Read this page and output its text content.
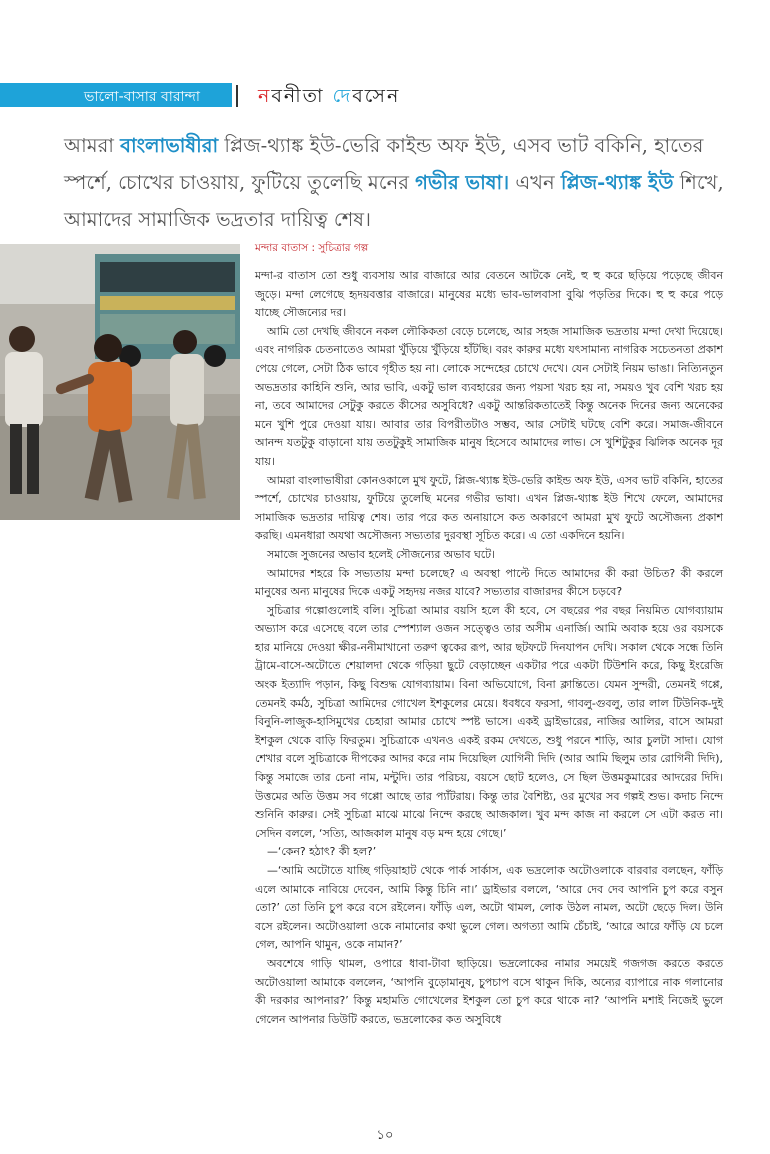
ভালো-বাসার বারান্দা	নবনীতা দেবসেন
আমরা বাংলাভাষীরা প্লিজ-থ্যাঙ্ক ইউ-ভেরি কাইন্ড অফ ইউ, এসব ভাট বকিনি, হাতের স্পর্শে, চোখের চাওয়ায়, ফুটিয়ে তুলেছি মনের গভীর ভাষা। এখন প্লিজ-থ্যাঙ্ক ইউ শিখে, আমাদের সামাজিক ভদ্রতার দায়িত্ব শেষ।
মন্দার বাতাস : সুচিত্রার গল্প

মন্দা-র বাতাস তো শুধু ব্যবসায় আর বাজারে আর বেতনে আটকে নেই, হু হু করে ছড়িয়ে পড়েছে জীবন জুড়ে। মন্দা লেগেছে হৃদয়বত্তার বাজারে। মানুষের মধ্যে ভাব-ভালবাসা বুঝি পড়তির দিকে। হু হু করে পড়ে যাচ্ছে সৌজন্যের দর।

আমি তো দেখছি জীবনে নকল লৌকিকতা বেড়ে চলেছে, আর সহজ সামাজিক ভদ্রতায় মন্দা দেখা দিয়েছে। এবং নাগরিক চেতনাতেও আমরা খুঁড়িয়ে খুঁড়িয়ে হাঁটছি। বরং কারুর মধ্যে যৎসামান্য নাগরিক সচেতনতা প্রকাশ পেয়ে গেলে, সেটা ঠিক ভাবে গৃহীত হয় না। লোকে সন্দেহের চোখে দেখে। যেন সেটাই নিয়ম ভাঙা। নিত্যিনতুন অভদ্রতার কাহিনি শুনি, আর ভাবি, একটু ভাল ব্যবহারের জন্য পয়সা খরচ হয় না, সময়ও খুব বেশি খরচ হয় না, তবে আমাদের সেটুকু করতে কীসের অসুবিধে? একটু আন্তরিকতাতেই কিন্তু অনেক দিনের জন্য অনেকের মনে খুশি পুরে দেওয়া যায়। আবার তার বিপরীতটাও সম্ভব, আর সেটাই ঘটছে বেশি করে। সমাজ-জীবনে আনন্দ যতটুকু বাড়ানো যায় ততটুকুই সামাজিক মানুষ হিসেবে আমাদের লাভ। সে খুশিটুকুর ঝিলিক অনেক দূর যায়।

আমরা বাংলাভাষীরা কোনওকালে মুখ ফুটে, প্লিজ-থ্যাঙ্ক ইউ-ভেরি কাইন্ড অফ ইউ, এসব ভাট বকিনি, হাতের স্পর্শে, চোখের চাওয়ায়, ফুটিয়ে তুলেছি মনের গভীর ভাষা। এখন প্লিজ-থ্যাঙ্ক ইউ শিখে ফেলে, আমাদের সামাজিক ভদ্রতার দায়িত্ব শেষ। তার পরে কত অনায়াসে কত অকারণে আমরা মুখ ফুটে অসৌজন্য প্রকাশ করছি। এমনধারা অযথা অসৌজন্য সভ্যতার দুরবস্থা সূচিত করে। এ তো একদিনে হয়নি।

সমাজে সুজনের অভাব হলেই সৌজন্যের অভাব ঘটে।

আমাদের শহরে কি সভ্যতায় মন্দা চলেছে? এ অবস্থা পাল্টে দিতে আমাদের কী করা উচিত? কী করলে মানুষের অন্য মানুষের দিকে একটু সহৃদয় নজর যাবে? সভ্যতার বাজারদর কীসে চড়বে?

সুচিত্রার গল্পোগুলোই বলি। সুচিত্রা আমার বয়সি হলে কী হবে, সে বছরের পর বছর নিয়মিত যোগব্যায়াম অভ্যাস করে এসেছে বলে তার স্পেশ্যাল ওজন সত্ত্বেও তার অসীম এনার্জি। আমি অবাক হয়ে ওর বয়সকে হার মানিয়ে দেওয়া ক্ষীর-ননীমাখানো তরুণ ত্বকের রূপ, আর ছটফটে দিনযাপন দেখি। সকাল থেকে সন্ধে তিনি ট্রামে-বাসে-অটোতে শেয়ালদা থেকে গড়িয়া ছুটে বেড়াচ্ছেন একটার পরে একটা টিউশনি করে, কিছু ইংরেজি অংক ইত্যাদি পড়ান, কিছু বিশুদ্ধ যোগব্যায়াম। বিনা অভিযোগে, বিনা ক্লান্তিতে। যেমন সুন্দরী, তেমনই গপ্পে, তেমনই কর্মঠ, সুচিত্রা আমিদের গোখেল ইশকুলের মেয়ে। ধবধবে ফরসা, গাবলু-গুবলু, তার লাল টিউনিক-দুই বিনুনি-লাজুক-হাসিমুখের চেহারা আমার চোখে স্পষ্ট ভাসে। একই ড্রাইভারের, নাজির আলির, বাসে আমরা ইশকুল থেকে বাড়ি ফিরতুম। সুচিত্রাকে এখনও একই রকম দেখতে, শুধু পরনে শাড়ি, আর চুলটা সাদা। যোগ শেখার বলে সুচিত্রাকে দীপকের আদর করে নাম দিয়েছিল যোগিনী দিদি (আর আমি ছিলুম তার রোগিনী দিদি), কিন্তু সমাজে তার চেনা নাম, মন্টুদি। তার পরিচয়, বয়সে ছোট হলেও, সে ছিল উত্তমকুমারের আদরের দিদি। উত্তমের অতি উত্তম সব গপ্পো আছে তার প্যাঁটরায়। কিন্তু তার বৈশিষ্ট্য, ওর মুখের সব গল্পই শুভ। কদাচ নিন্দে শুনিনি কারুর। সেই সুচিত্রা মাঝে মাঝে নিন্দে করছে আজকাল। খুব মন্দ কাজ না করলে সে এটা করত না। সেদিন বললে, ‘সত্যি, আজকাল মানুষ বড় মন্দ হয়ে গেছে।’

—‘কেন? হঠাৎ? কী হল?’

—‘আমি অটোতে যাচ্ছি গড়িয়াহাট থেকে পার্ক সার্কাস, এক ভদ্রলোক অটোওলাকে বারবার বলছেন, ফাঁড়ি এলে আমাকে নাবিয়ে দেবেন, আমি কিন্তু চিনি না।’ ড্রাইভার বললে, ‘আরে দেব দেব আপনি চুপ করে বসুন তো?’ তো তিনি চুপ করে বসে রইলেন। ফাঁড়ি এল, অটো থামল, লোক উঠল নামল, অটো ছেড়ে দিল। উনি বসে রইলেন। অটোওয়ালা ওকে নামানোর কথা ভুলে গেল। অগত্যা আমি চেঁচাই, ‘আরে আরে ফাঁড়ি যে চলে গেল, আপনি থামুন, ওকে নামান?’

অবশেষে গাড়ি থামল, ওপারে ধাবা-টাবা ছাড়িয়ে। ভদ্রলোকের নামার সময়েই গজগজ করতে করতে অটোওয়ালা আমাকে বললেন, ‘আপনি বুড়োমানুষ, চুপচাপ বসে থাকুন দিকি, অন্যের ব্যাপারে নাক গলানোর কী দরকার আপনার?’ কিন্তু মহামতি গোখেলের ইশকুল তো চুপ করে থাকে না? ‘আপনি মশাই নিজেই ভুলে গেলেন আপনার ডিউটি করতে, ভদ্রলোকের কত অসুবিধে

১০
